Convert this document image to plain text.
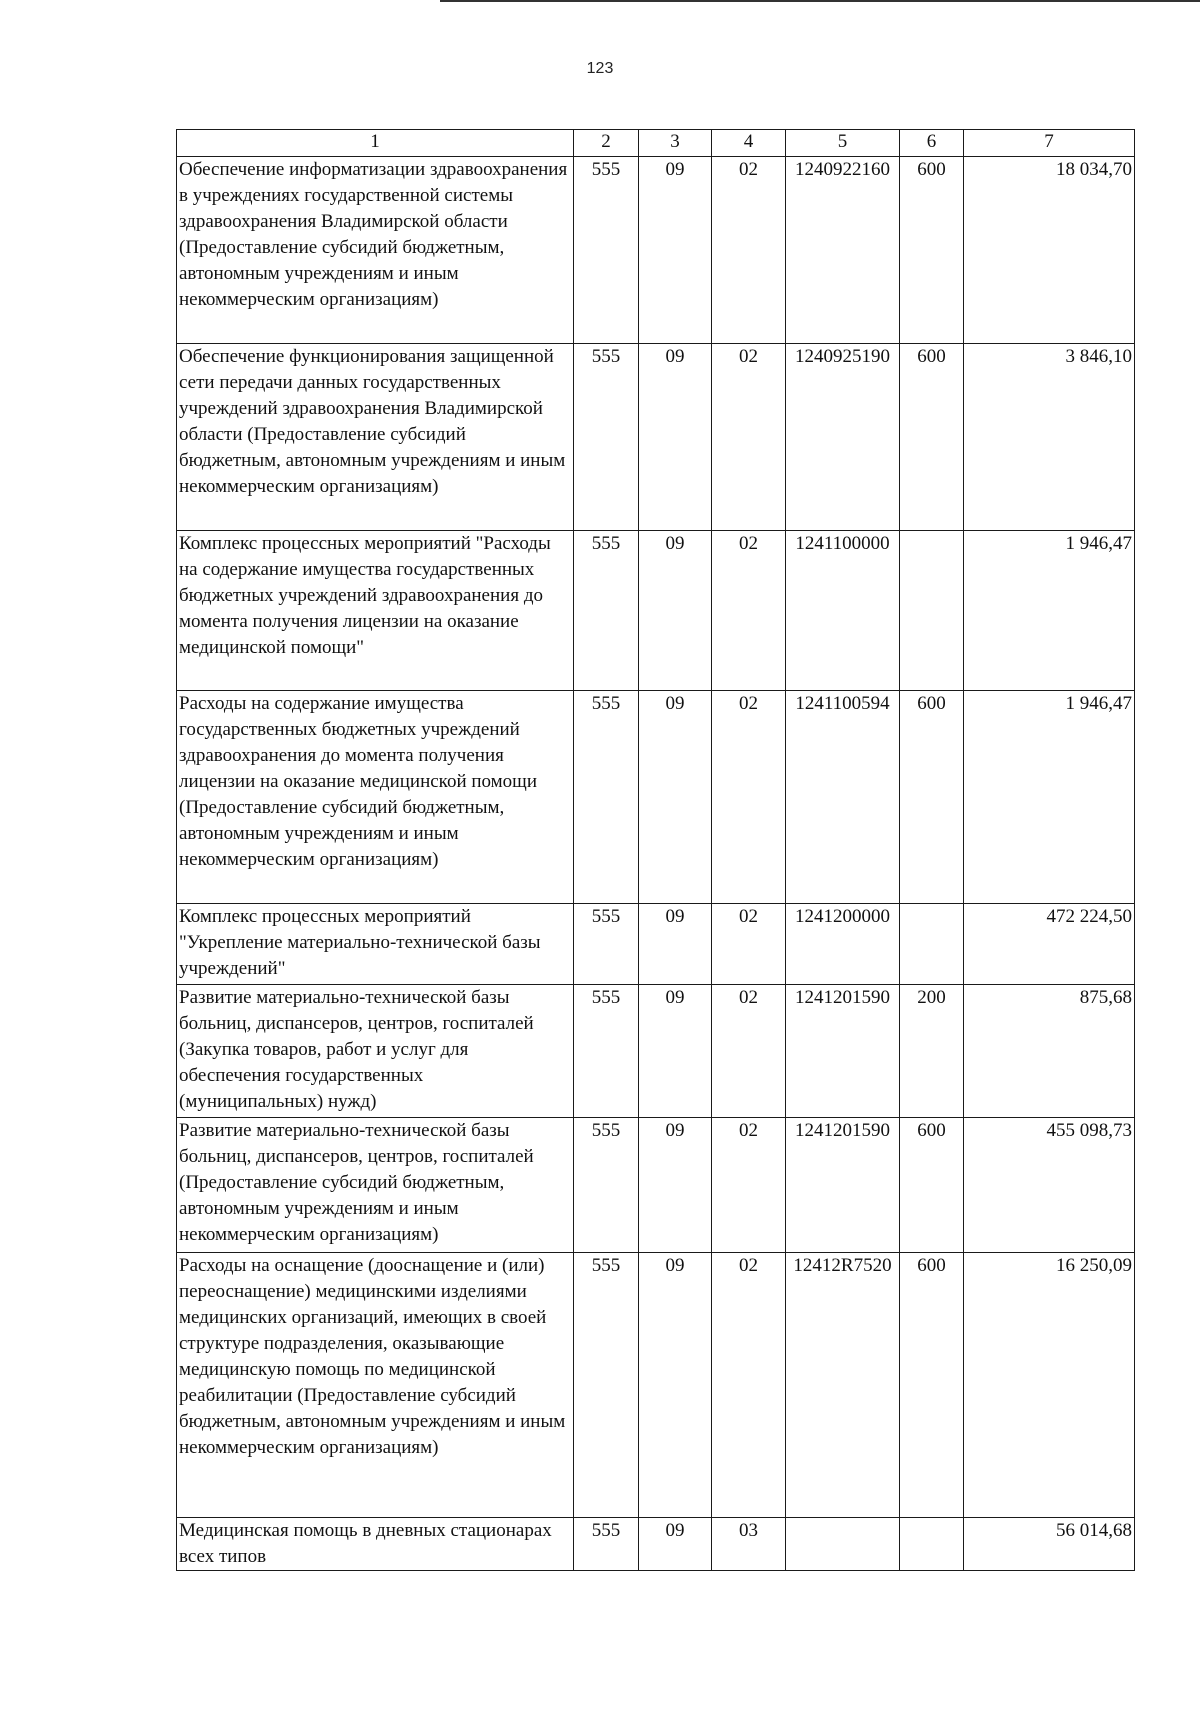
123
1	2	3	4	5	6	7
Обеспечение информатизации здравоохранения в учреждениях государственной системы здравоохранения Владимирской области (Предоставление субсидий бюджетным, автономным учреждениям и иным некоммерческим организациям)	555	09	02	1240922160	600	18 034,70
Обеспечение функционирования защищенной сети передачи данных государственных учреждений здравоохранения Владимирской области (Предоставление субсидий бюджетным, автономным учреждениям и иным некоммерческим организациям)	555	09	02	1240925190	600	3 846,10
Комплекс процессных мероприятий "Расходы на содержание имущества государственных бюджетных учреждений здравоохранения до момента получения лицензии на оказание медицинской помощи"	555	09	02	1241100000		1 946,47
Расходы на содержание имущества государственных бюджетных учреждений здравоохранения до момента получения лицензии на оказание медицинской помощи (Предоставление субсидий бюджетным, автономным учреждениям и иным некоммерческим организациям)	555	09	02	1241100594	600	1 946,47
Комплекс процессных мероприятий "Укрепление материально-технической базы учреждений"	555	09	02	1241200000		472 224,50
Развитие материально-технической базы больниц, диспансеров, центров, госпиталей (Закупка товаров, работ и услуг для обеспечения государственных (муниципальных) нужд)	555	09	02	1241201590	200	875,68
Развитие материально-технической базы больниц, диспансеров, центров, госпиталей (Предоставление субсидий бюджетным, автономным учреждениям и иным некоммерческим организациям)	555	09	02	1241201590	600	455 098,73
Расходы на оснащение (дооснащение и (или) переоснащение) медицинскими изделиями медицинских организаций, имеющих в своей структуре подразделения, оказывающие медицинскую помощь по медицинской реабилитации (Предоставление субсидий бюджетным, автономным учреждениям и иным некоммерческим организациям)	555	09	02	12412R7520	600	16 250,09
Медицинская помощь в дневных стационарах всех типов	555	09	03			56 014,68
